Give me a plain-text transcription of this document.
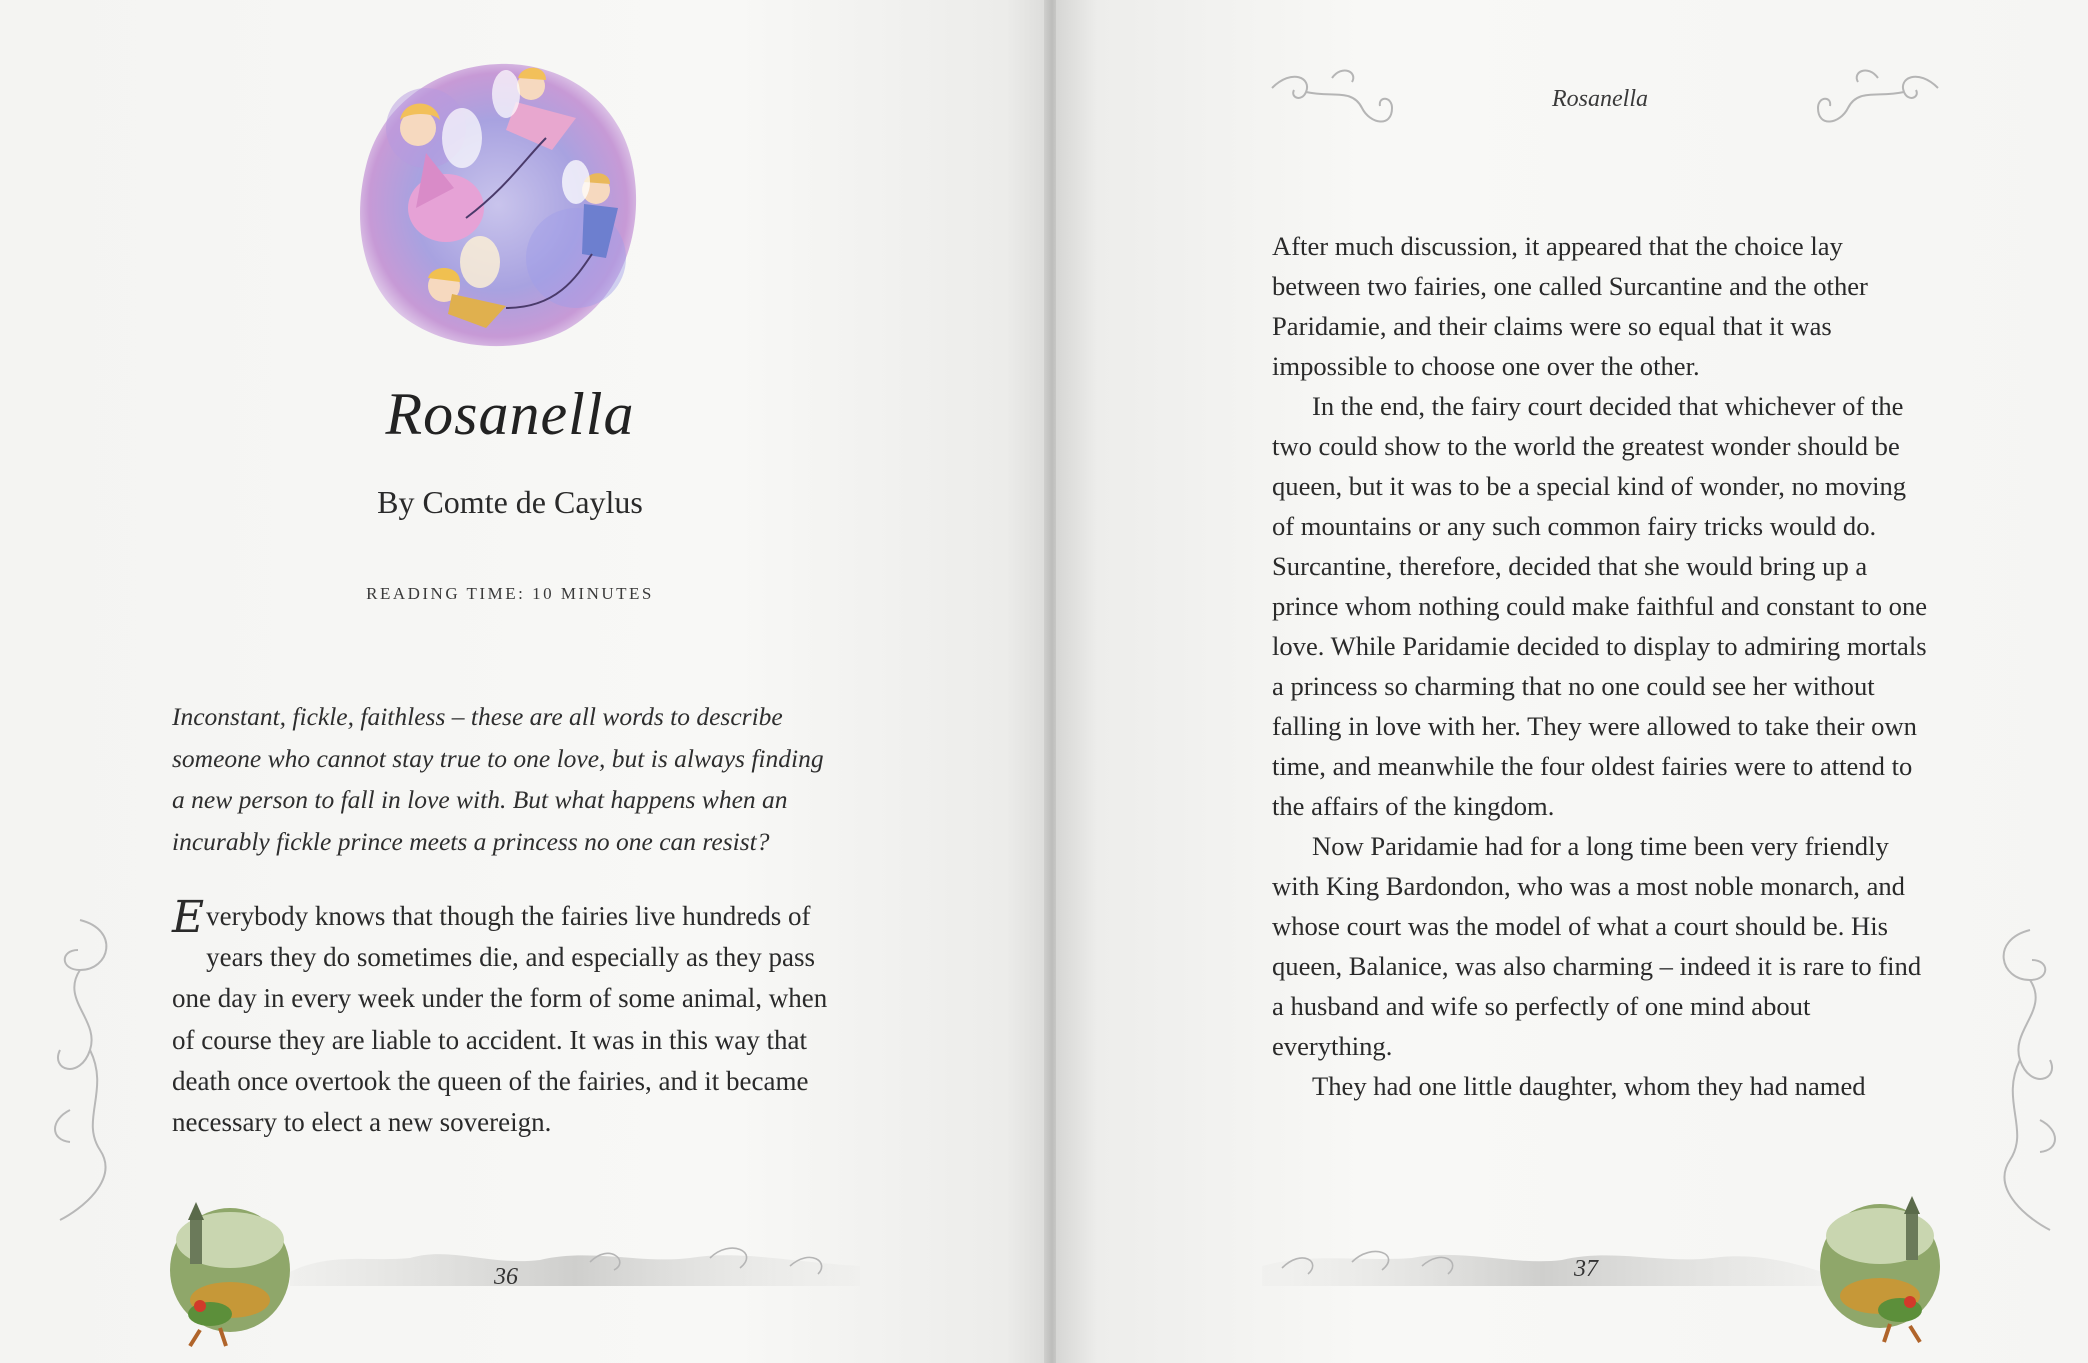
Rosanella
By Comte de Caylus
READING TIME: 10 MINUTES
Inconstant, fickle, faithless – these are all words to describe someone who cannot stay true to one love, but is always finding a new person to fall in love with. But what happens when an incurably fickle prince meets a princess no one can resist?
Everybody knows that though the fairies live hundreds of years they do sometimes die, and especially as they pass one day in every week under the form of some animal, when of course they are liable to accident. It was in this way that death once overtook the queen of the fairies, and it became necessary to elect a new sovereign.
36
Rosanella

After much discussion, it appeared that the choice lay between two fairies, one called Surcantine and the other Paridamie, and their claims were so equal that it was impossible to choose one over the other.

In the end, the fairy court decided that whichever of the two could show to the world the greatest wonder should be queen, but it was to be a special kind of wonder, no moving of mountains or any such common fairy tricks would do. Surcantine, therefore, decided that she would bring up a prince whom nothing could make faithful and constant to one love. While Paridamie decided to display to admiring mortals a princess so charming that no one could see her without falling in love with her. They were allowed to take their own time, and meanwhile the four oldest fairies were to attend to the affairs of the kingdom.

Now Paridamie had for a long time been very friendly with King Bardondon, who was a most noble monarch, and whose court was the model of what a court should be. His queen, Balanice, was also charming – indeed it is rare to find a husband and wife so perfectly of one mind about everything.

They had one little daughter, whom they had named

37
